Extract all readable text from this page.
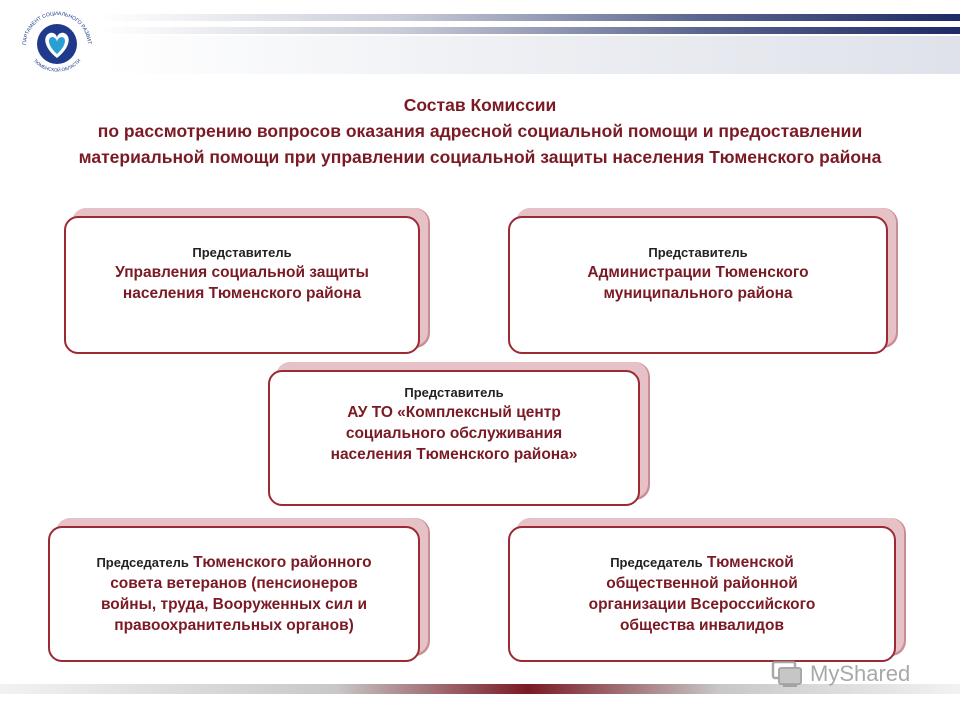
ПАРТАМЕНТ СОЦИАЛЬНОГО РАЗВИТ
ТЮМЕНСКОЙ ОБЛАСТИ
Состав Комиссии
по рассмотрению вопросов оказания адресной социальной помощи и предоставлении материальной помощи при управлении социальной защиты населения Тюменского района
Представитель
Управления социальной защиты
населения Тюменского района
Представитель
Администрации Тюменского
муниципального района
Представитель
АУ ТО «Комплексный центр
социального обслуживания
населения Тюменского района»
Председатель Тюменского районного
совета ветеранов (пенсионеров
войны, труда, Вооруженных сил и
правоохранительных органов)
Председатель Тюменской
общественной районной
организации Всероссийского
общества инвалидов
MyShared
